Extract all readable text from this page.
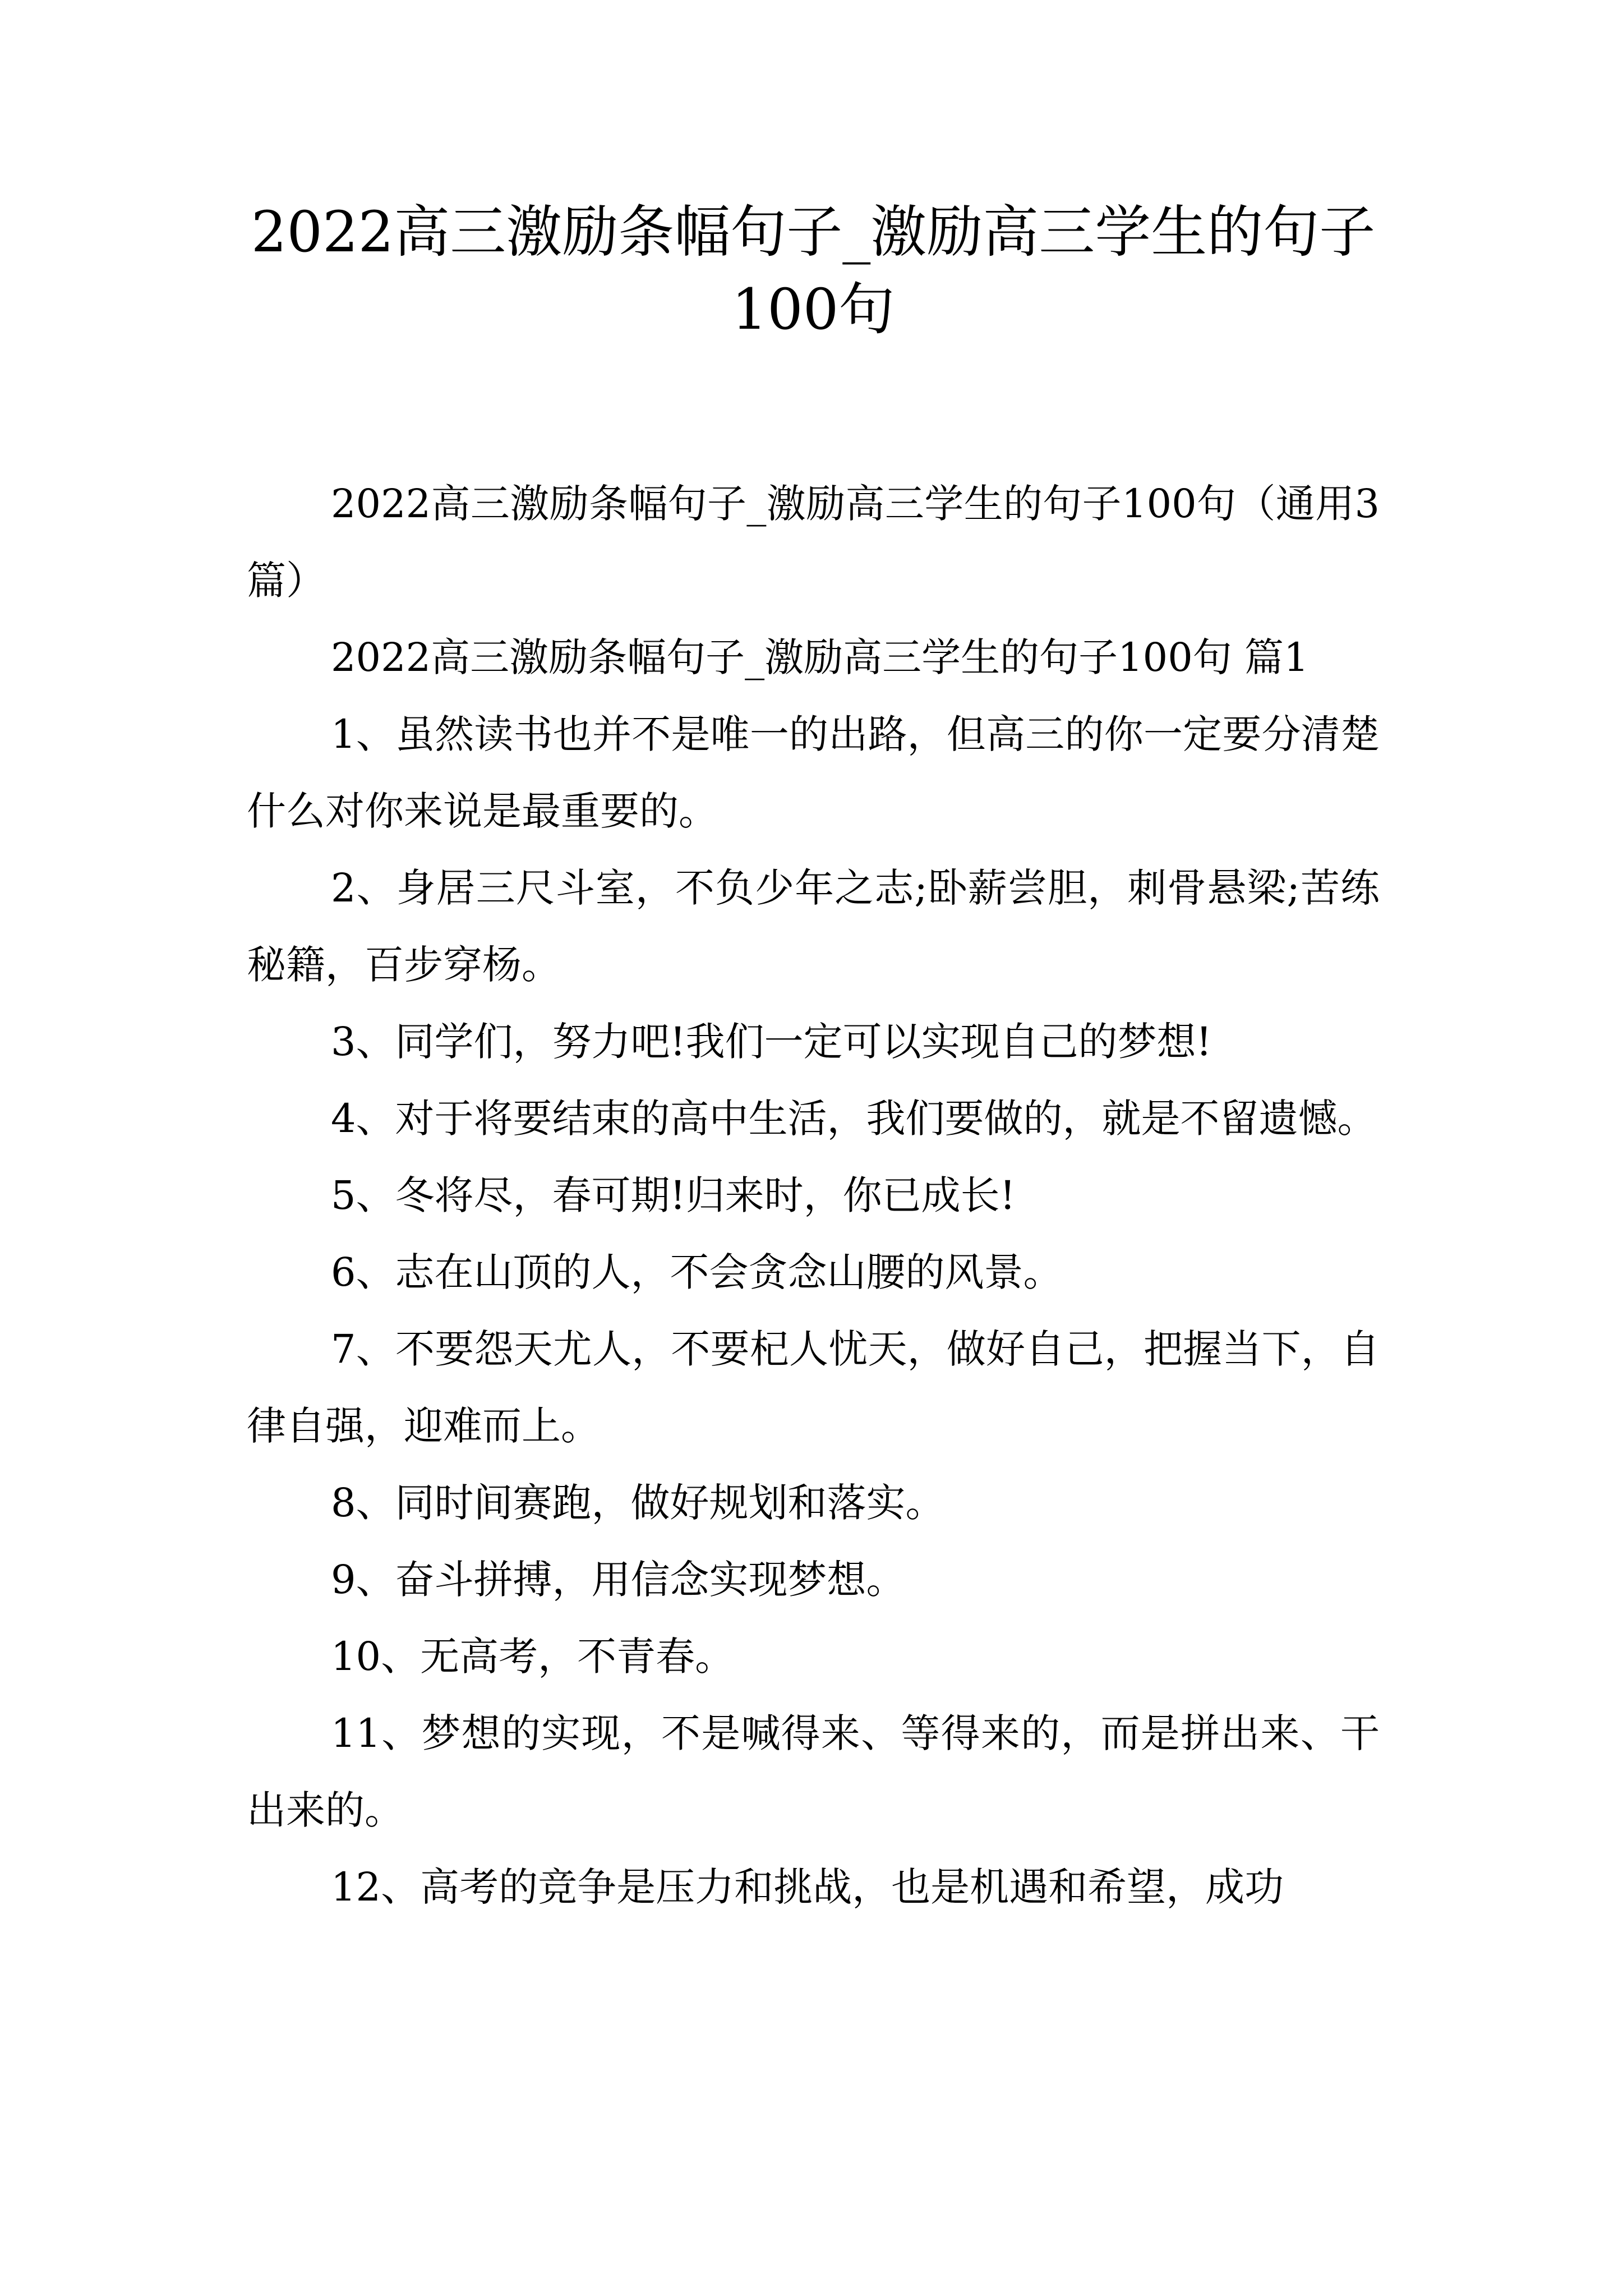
2022高三激励条幅句子_激励高三学生的句子100句

2022高三激励条幅句子_激励高三学生的句子100句（通用3篇）

2022高三激励条幅句子_激励高三学生的句子100句 篇1

1、虽然读书也并不是唯一的出路，但高三的你一定要分清楚什么对你来说是最重要的。

2、身居三尺斗室，不负少年之志;卧薪尝胆，刺骨悬梁;苦练秘籍，百步穿杨。

3、同学们，努力吧!我们一定可以实现自己的梦想!

4、对于将要结束的高中生活，我们要做的，就是不留遗憾。

5、冬将尽，春可期!归来时，你已成长!

6、志在山顶的人，不会贪念山腰的风景。

7、不要怨天尤人，不要杞人忧天，做好自己，把握当下，自律自强，迎难而上。

8、同时间赛跑，做好规划和落实。

9、奋斗拼搏，用信念实现梦想。

10、无高考，不青春。

11、梦想的实现，不是喊得来、等得来的，而是拼出来、干出来的。

12、高考的竞争是压力和挑战，也是机遇和希望，成功
